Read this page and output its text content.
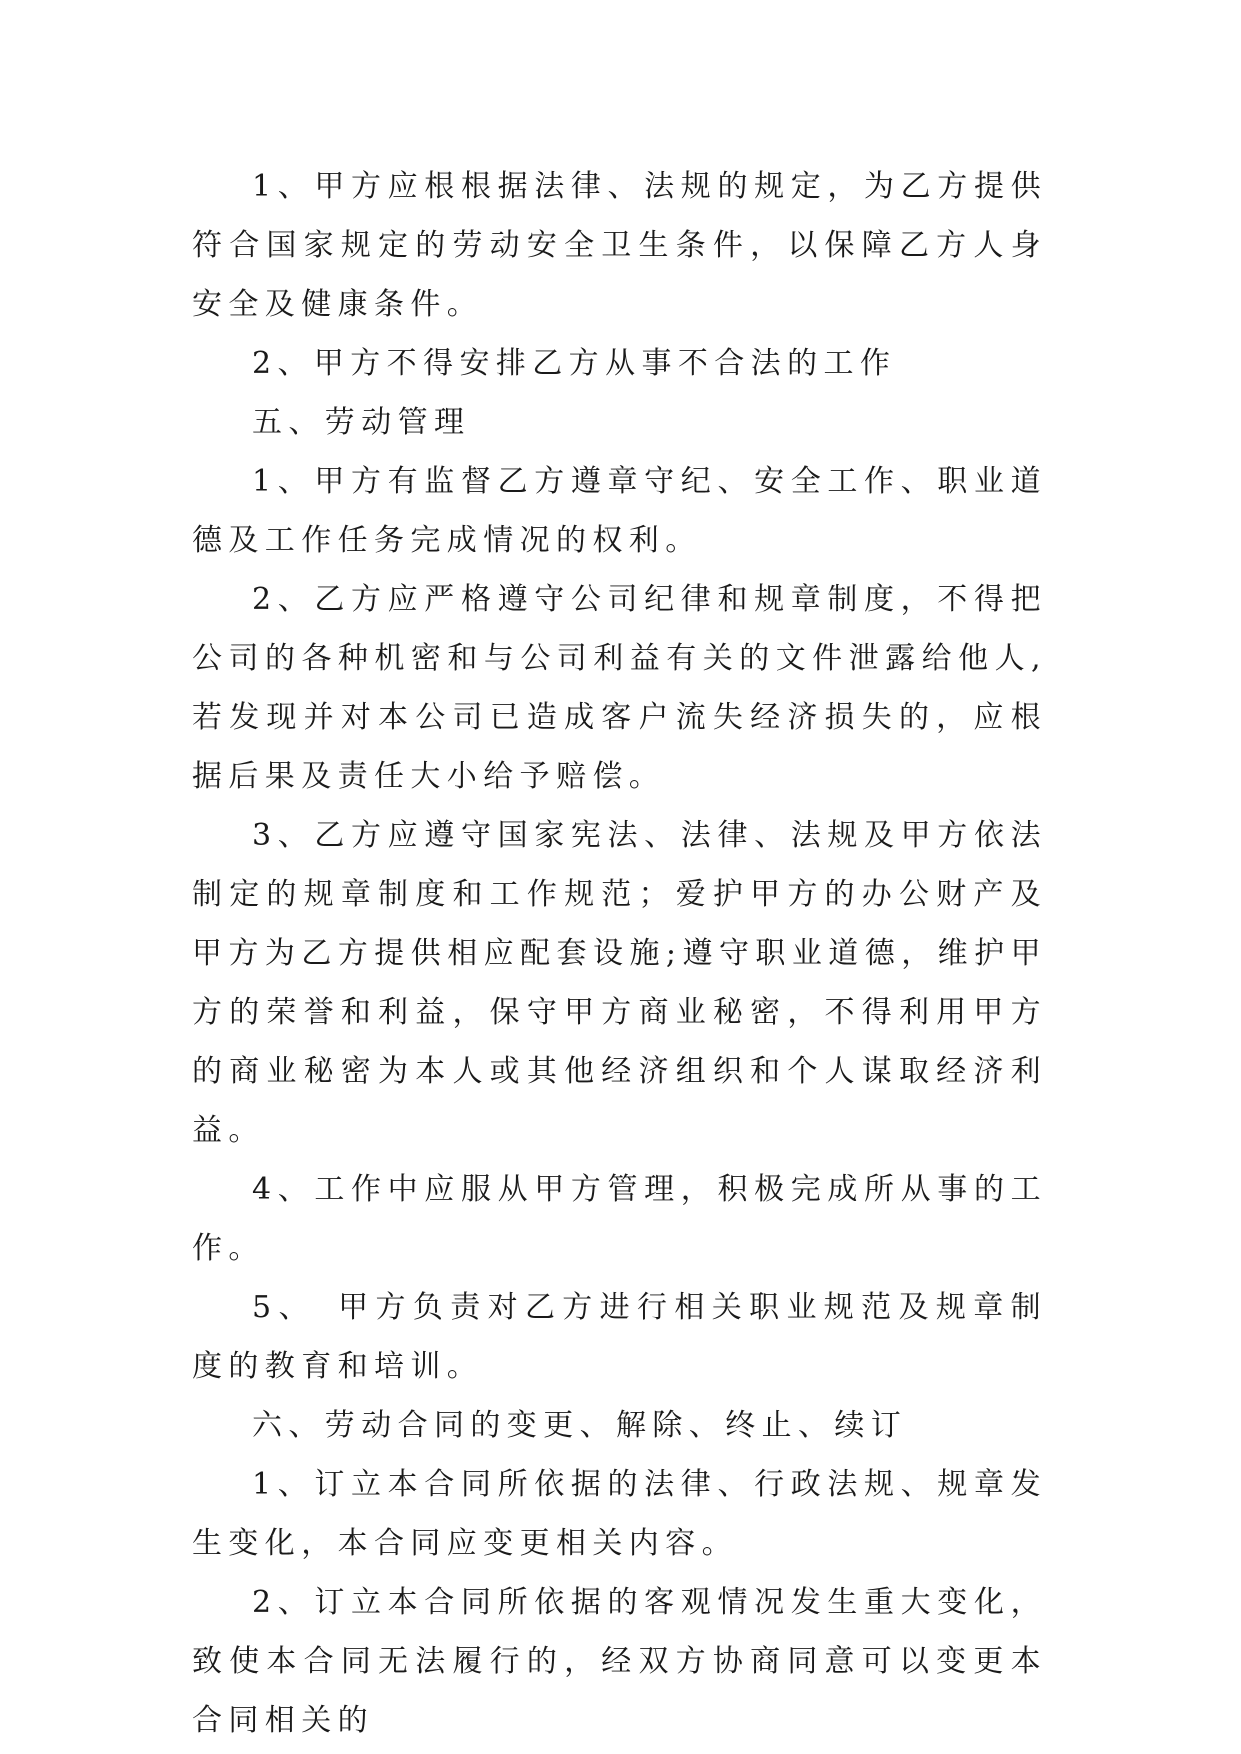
1、甲方应根根据法律、法规的规定，为乙方提供符合国家规定的劳动安全卫生条件，以保障乙方人身安全及健康条件。

2、甲方不得安排乙方从事不合法的工作

五、劳动管理

1、甲方有监督乙方遵章守纪、安全工作、职业道德及工作任务完成情况的权利。

2、乙方应严格遵守公司纪律和规章制度，不得把公司的各种机密和与公司利益有关的文件泄露给他人,若发现并对本公司已造成客户流失经济损失的，应根据后果及责任大小给予赔偿。

3、乙方应遵守国家宪法、法律、法规及甲方依法制定的规章制度和工作规范；爱护甲方的办公财产及甲方为乙方提供相应配套设施;遵守职业道德，维护甲方的荣誉和利益，保守甲方商业秘密，不得利用甲方的商业秘密为本人或其他经济组织和个人谋取经济利益。

4、工作中应服从甲方管理，积极完成所从事的工作。

5、　甲方负责对乙方进行相关职业规范及规章制度的教育和培训。

六、劳动合同的变更、解除、终止、续订

1、订立本合同所依据的法律、行政法规、规章发生变化，本合同应变更相关内容。

2、订立本合同所依据的客观情况发生重大变化，致使本合同无法履行的，经双方协商同意可以变更本合同相关的
